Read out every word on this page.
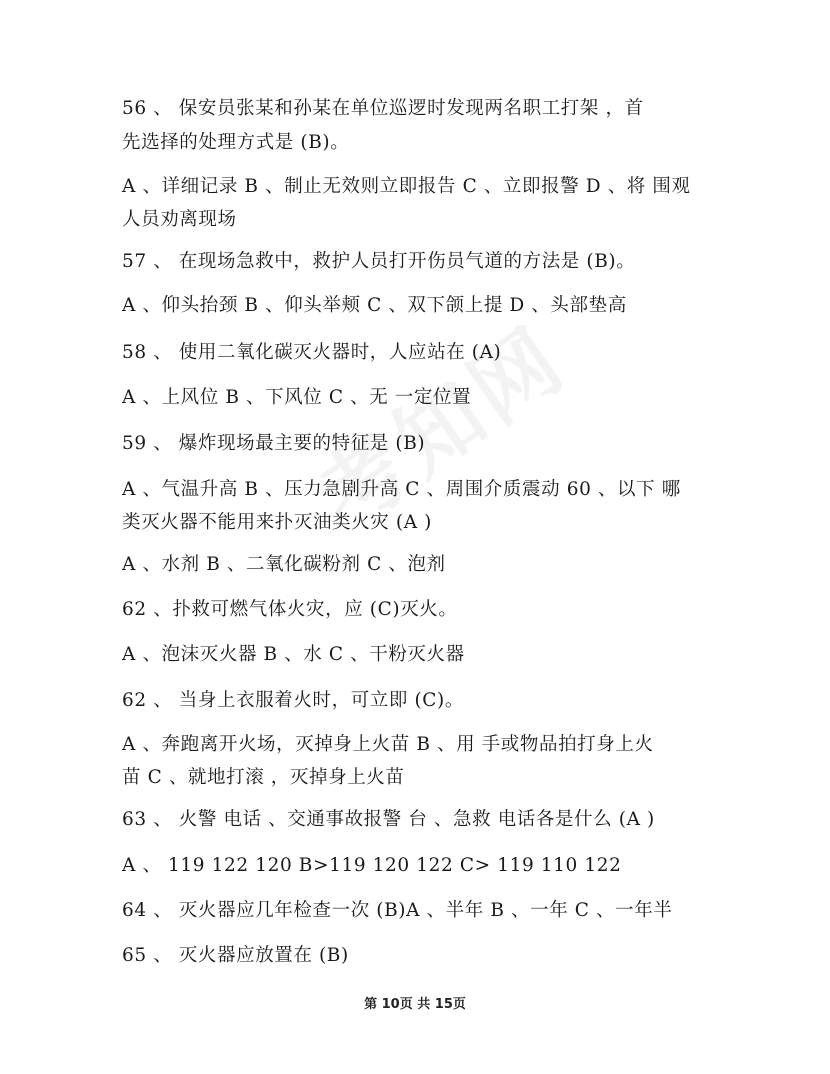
56 、 保安员张某和孙某在单位巡逻时发现两名职工打架 ，首
先选择的处理方式是 (B)。
A 、详细记录 B 、制止无效则立即报告 C 、立即报警 D 、将 围观
人员劝离现场
57 、 在现场急救中，救护人员打开伤员气道的方法是 (B)。
A 、仰头抬颈 B 、仰头举颊 C 、双下颌上提 D 、头部垫高
58 、 使用二氧化碳灭火器时，人应站在 (A)
A 、上风位 B 、下风位 C 、无 一定位置
59 、 爆炸现场最主要的特征是 (B)
A 、气温升高 B 、压力急剧升高 C 、周围介质震动 60 、以下 哪
类灭火器不能用来扑灭油类火灾 (A )
A 、水剂 B 、二氧化碳粉剂 C 、泡剂
62 、扑救可燃气体火灾，应 (C)灭火。
A 、泡沫灭火器 B 、水 C 、干粉灭火器
62 、 当身上衣服着火时，可立即 (C)。
A 、奔跑离开火场，灭掉身上火苗 B 、用 手或物品拍打身上火
苗 C 、就地打滚 ，灭掉身上火苗
63 、 火警 电话 、交通事故报警 台 、急救 电话各是什么 (A )
A 、 119 122 120 B>119 120 122 C> 119 110 122
64 、 灭火器应几年检查一次 (B)A 、半年 B 、一年 C 、一年半
65 、 灭火器应放置在 (B)
第 10页 共 15页
